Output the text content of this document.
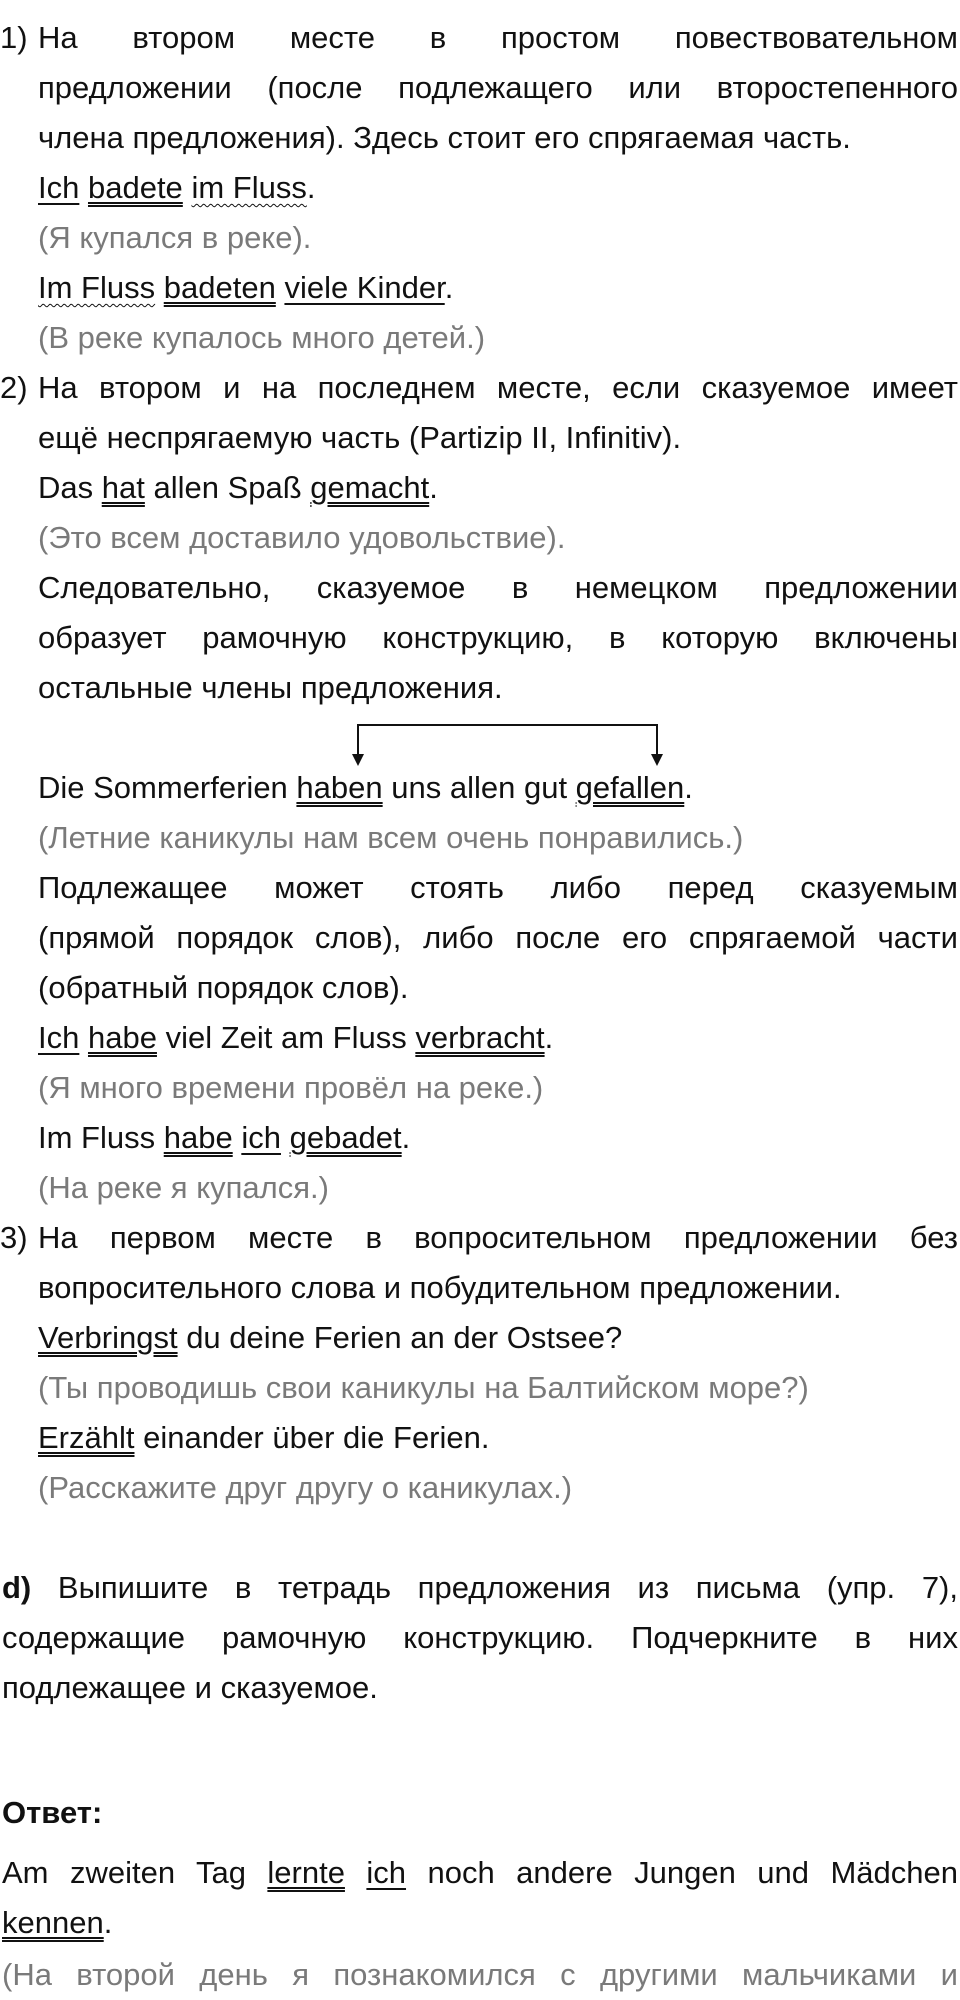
1) На втором месте в простом повествовательном
предложении (после подлежащего или второстепенного
члена предложения). Здесь стоит его спрягаемая часть.
Ich badete im Fluss.
(Я купался в реке).
Im Fluss badeten viele Kinder.
(В реке купалось много детей.)
2) На втором и на последнем месте, если сказуемое имеет
ещё неспрягаемую часть (Partizip II, Infinitiv).
Das hat allen Spaß gemacht.
(Это всем доставило удовольствие).
Следовательно, сказуемое в немецком предложении
образует рамочную конструкцию, в которую включены
остальные члены предложения.
Die Sommerferien haben uns allen gut gefallen.
(Летние каникулы нам всем очень понравились.)
Подлежащее может стоять либо перед сказуемым
(прямой порядок слов), либо после его спрягаемой части
(обратный порядок слов).
Ich habe viel Zeit am Fluss verbracht.
(Я много времени провёл на реке.)
Im Fluss habe ich gebadet.
(На реке я купался.)
3) На первом месте в вопросительном предложении без
вопросительного слова и побудительном предложении.
Verbringst du deine Ferien an der Ostsee?
(Ты проводишь свои каникулы на Балтийском море?)
Erzählt einander über die Ferien.
(Расскажите друг другу о каникулах.)
d) Выпишите в тетрадь предложения из письма (упр. 7),
содержащие рамочную конструкцию. Подчеркните в них
подлежащее и сказуемое.
Ответ:
Am zweiten Tag lernte ich noch andere Jungen und Mädchen
kennen.
(На второй день я познакомился с другими мальчиками и
